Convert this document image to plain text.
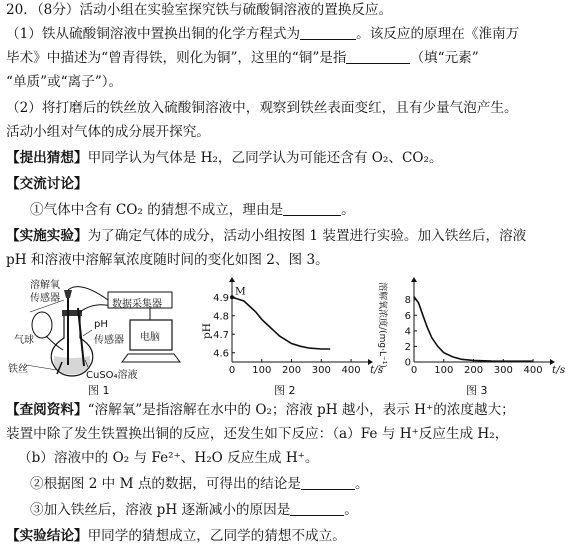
20．（8分）活动小组在实验室探究铁与硫酸铜溶液的置换反应。
（1）铁从硫酸铜溶液中置换出铜的化学方程式为	。该反应的原理在《淮南万
毕术》中描述为“曾青得铁，则化为铜”，这里的“铜”是指	（填“元素”
“单质”或“离子”）。
（2）将打磨后的铁丝放入硫酸铜溶液中，观察到铁丝表面变红，且有少量气泡产生。
活动小组对气体的成分展开探究。
【提出猜想】甲同学认为气体是 H₂，乙同学认为可能还含有 O₂、CO₂。
【交流讨论】
①气体中含有 CO₂ 的猜想不成立，理由是	。
【实施实验】为了确定气体的成分，活动小组按图 1 装置进行实验。加入铁丝后，溶液
pH 和溶液中溶解氧浓度随时间的变化如图 2、图 3。
溶解氧
传感器
数据采集器
气球
pH
传感器 电脑
铁丝
CuSO₄溶液
图 1
0 100 200 300 400
4.6
4.7
4.8
4.9
t/s
pH
M
图 2
0 100 200 300 400
0
2
4
6
8
t/s
溶解氧浓度/(mg·L⁻¹)
图 3
【查阅资料】“溶解氧”是指溶解在水中的 O₂；溶液 pH 越小，表示 H⁺的浓度越大；
装置中除了发生铁置换出铜的反应，还发生如下反应：（a）Fe 与 H⁺反应生成 H₂，
（b）溶液中的 O₂ 与 Fe²⁺、H₂O 反应生成 H⁺。
②根据图 2 中 M 点的数据，可得出的结论是	。
③加入铁丝后，溶液 pH 逐渐减小的原因是	。
【实验结论】甲同学的猜想成立，乙同学的猜想不成立。
